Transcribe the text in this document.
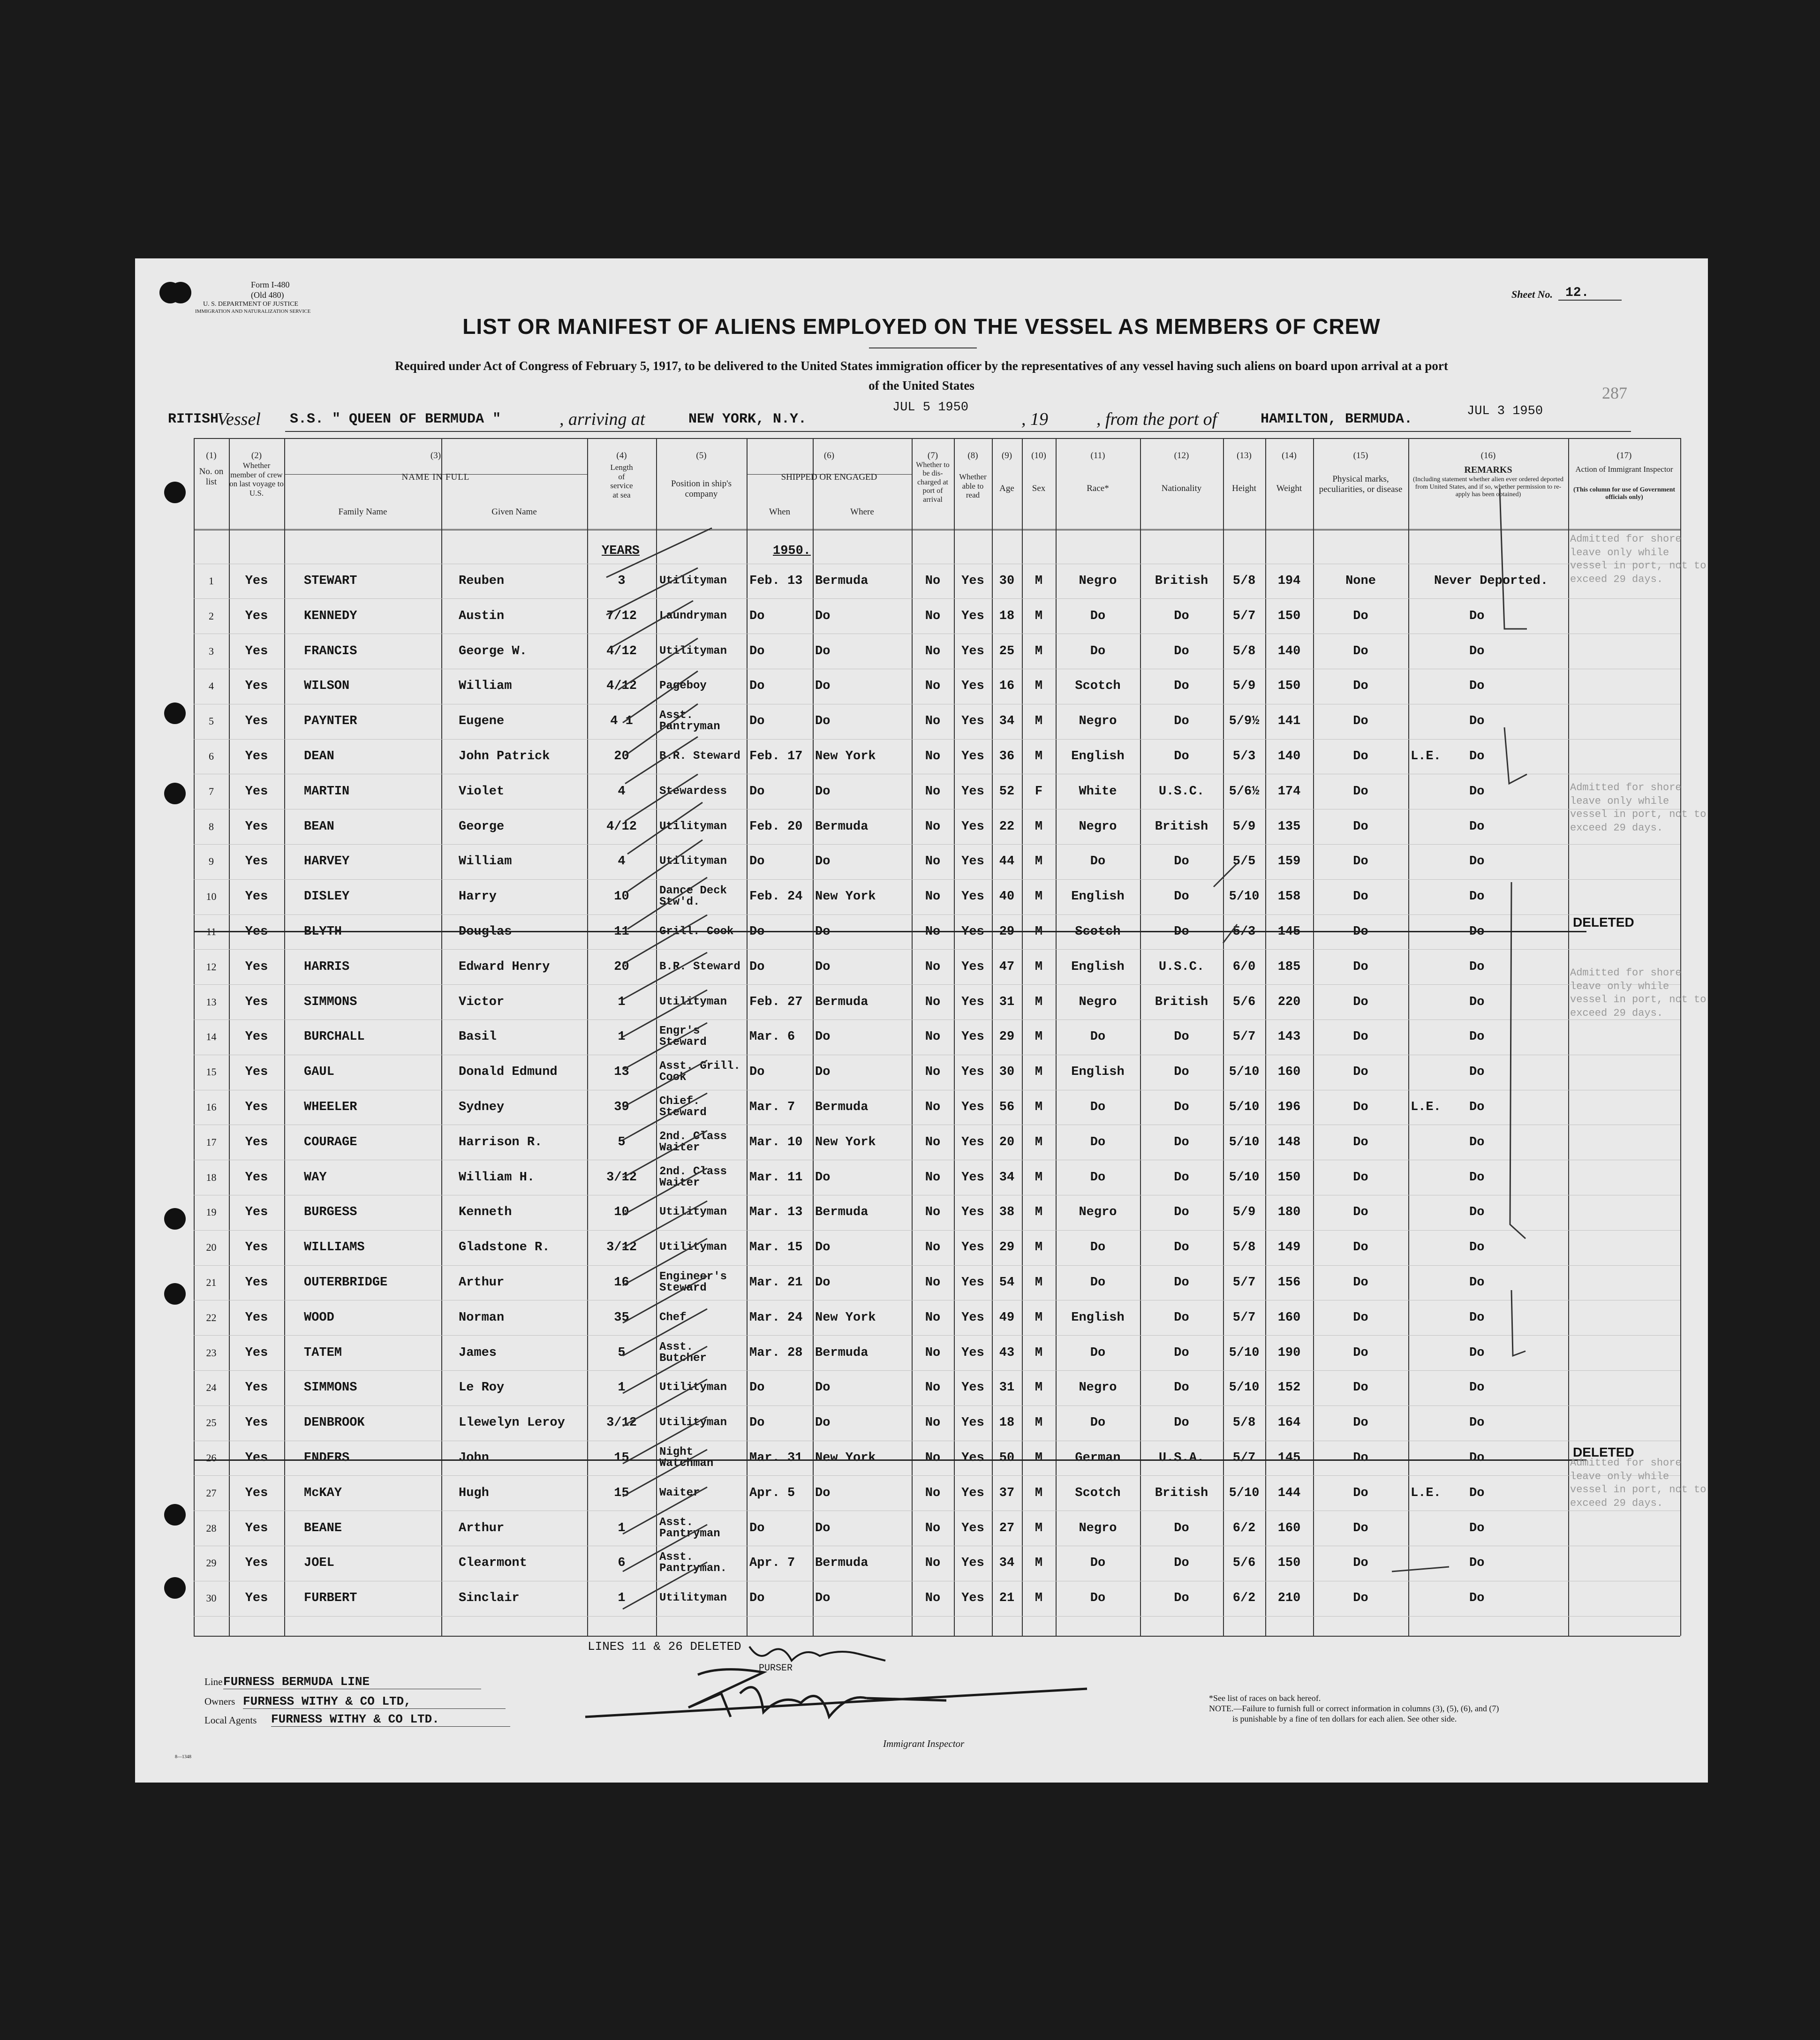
Form I-480
(Old 480)
U. S. DEPARTMENT OF JUSTICE
IMMIGRATION AND NATURALIZATION SERVICE
Sheet No. 12.
287
LIST OR MANIFEST OF ALIENS EMPLOYED ON THE VESSEL AS MEMBERS OF CREW
Required under Act of Congress of February 5, 1917, to be delivered to the United States immigration officer by the representatives of any vessel having such aliens on board upon arrival at a port
of the United States
RITISH
Vessel S.S. " QUEEN OF BERMUDA "	, arriving at	NEW YORK, N.Y.
JUL 5 1950
, 19	, from the port of	HAMILTON, BERMUDA.	JUL 3 1950
(1)
No. on list
(2)
Whether member of crew on last voyage to U.S.
(3)
NAME IN FULL
Family Name	Given Name
(4)
Length of service at sea
(5)
Position in ship's company
(6)
SHIPPED OR ENGAGED
When	Where
(7)
Whether to be dis-charged at port of arrival
(8)
Whether able to read
(9)
Age
(10)
Sex
(11)
Race*
(12)
Nationality
(13)
Height
(14)
Weight
(15)
Physical marks, peculiarities, or disease
(16)
REMARKS
(Including statement whether alien ever ordered deported from United States, and if so, whether permission to re-apply has been obtained)
(17)
Action of Immigrant Inspector
(This column for use of Government officials only)
YEARS	1950.
1	Yes	STEWART	Reuben	3	Utilityman	Feb. 13 Bermuda	No	Yes	30	M	Negro	British	5/8	194	None	Never Deported.
2	Yes	KENNEDY	Austin	7/12	Laundryman	Do	Do	No	Yes	18	M	Do	Do	5/7	150	Do	Do
3	Yes	FRANCIS	George W.	4/12	Utilityman	Do	Do	No	Yes	25	M	Do	Do	5/8	140	Do	Do
4	Yes	WILSON	William	4/12	Pageboy	Do	Do	No	Yes	16	M	Scotch	Do	5/9	150	Do	Do
5	Yes	PAYNTER	Eugene	4 1	Asst. Pantryman	Do	Do	No	Yes	34	M	Negro	Do	5/9½	141	Do	Do
6	Yes	DEAN	John Patrick	20	B.R. Steward Feb. 17 New York	No	Yes	36	M	English	Do	5/3	140	Do	L.E.	Do
7	Yes	MARTIN	Violet	4	Stewardess	Do	Do	No	Yes	52	F	White	U.S.C.	5/6½	174	Do	Do
8	Yes	BEAN	George	4/12	Utilityman	Feb. 20 Bermuda	No	Yes	22	M	Negro	British	5/9	135	Do	Do
9	Yes	HARVEY	William	4	Utilityman	Do	Do	No	Yes	44	M	Do	Do	5/5	159	Do	Do
10	Yes	DISLEY	Harry	10	Dance Deck Stw'd.	Feb. 24 New York	No	Yes	40	M	English	Do	5/10	158	Do	Do
11	Yes	BLYTH	Douglas	11	Grill. Cook	Do	Do	No	Yes	29	M	Scotch	Do	5/3	145	Do	Do
12	Yes	HARRIS	Edward Henry	20	B.R. Steward Do	Do	No	Yes	47	M	English	U.S.C.	6/0	185	Do	Do
13	Yes	SIMMONS	Victor	1	Utilityman	Feb. 27 Bermuda	No	Yes	31	M	Negro	British	5/6	220	Do	Do
14	Yes	BURCHALL	Basil	1	Engr's Steward	Mar. 6	Do	No	Yes	29	M	Do	Do	5/7	143	Do	Do
15	Yes	GAUL	Donald Edmund	13	Asst. Grill. Cook	Do	Do	No	Yes	30	M	English	Do	5/10	160	Do	Do
16	Yes	WHEELER	Sydney	39	Chief. Steward	Mar. 7	Bermuda	No	Yes	56	M	Do	Do	5/10	196	Do	L.E.	Do
17	Yes	COURAGE	Harrison R.	5	2nd. Class Waiter	Mar. 10 New York	No	Yes	20	M	Do	Do	5/10	148	Do	Do
18	Yes	WAY	William H.	3/12	2nd. Class Waiter	Mar. 11 Do	No	Yes	34	M	Do	Do	5/10	150	Do	Do
19	Yes	BURGESS	Kenneth	10	Utilityman	Mar. 13 Bermuda	No	Yes	38	M	Negro	Do	5/9	180	Do	Do
20	Yes	WILLIAMS	Gladstone R.	3/12	Utilityman	Mar. 15 Do	No	Yes	29	M	Do	Do	5/8	149	Do	Do
21	Yes	OUTERBRIDGE	Arthur	16	Engineer's Steward	Mar. 21 Do	No	Yes	54	M	Do	Do	5/7	156	Do	Do
22	Yes	WOOD	Norman	35	Chef	Mar. 24 New York	No	Yes	49	M	English	Do	5/7	160	Do	Do
23	Yes	TATEM	James	5	Asst. Butcher	Mar. 28 Bermuda	No	Yes	43	M	Do	Do	5/10	190	Do	Do
24	Yes	SIMMONS	Le Roy	1	Utilityman	Do	Do	No	Yes	31	M	Negro	Do	5/10	152	Do	Do
25	Yes	DENBROOK	Llewelyn Leroy	3/12	Utilityman	Do	Do	No	Yes	18	M	Do	Do	5/8	164	Do	Do
26	Yes	ENDERS	John	15	Night Watchman	Mar. 31 New York	No	Yes	50	M	German	U.S.A.	5/7	145	Do	Do
27	Yes	McKAY	Hugh	15	Waiter	Apr. 5	Do	No	Yes	37	M	Scotch	British	5/10	144	Do	L.E.	Do
28	Yes	BEANE	Arthur	1	Asst. Pantryman	Do	Do	No	Yes	27	M	Negro	Do	6/2	160	Do	Do
29	Yes	JOEL	Clearmont	6	Asst. Pantryman.	Apr. 7	Bermuda	No	Yes	34	M	Do	Do	5/6	150	Do	Do
30	Yes	FURBERT	Sinclair	1	Utilityman	Do	Do	No	Yes	21	M	Do	Do	6/2	210	Do	Do
DELETED
DELETED
Admitted for shore leave only while vessel in port, not to exceed 29 days.
Admitted for shore leave only while vessel in port, not to exceed 29 days.
Admitted for shore leave only while vessel in port, not to exceed 29 days.
Admitted for shore leave only while vessel in port, not to exceed 29 days.
LINES 11 & 26 DELETED
PURSER
Immigrant Inspector
Line FURNESS BERMUDA LINE
Owners FURNESS WITHY & CO LTD,
Local Agents FURNESS WITHY & CO LTD.
8—1348
*See list of races on back hereof.
NOTE.—Failure to furnish full or correct information in columns (3), (5), (6), and (7)
is punishable by a fine of ten dollars for each alien. See other side.
